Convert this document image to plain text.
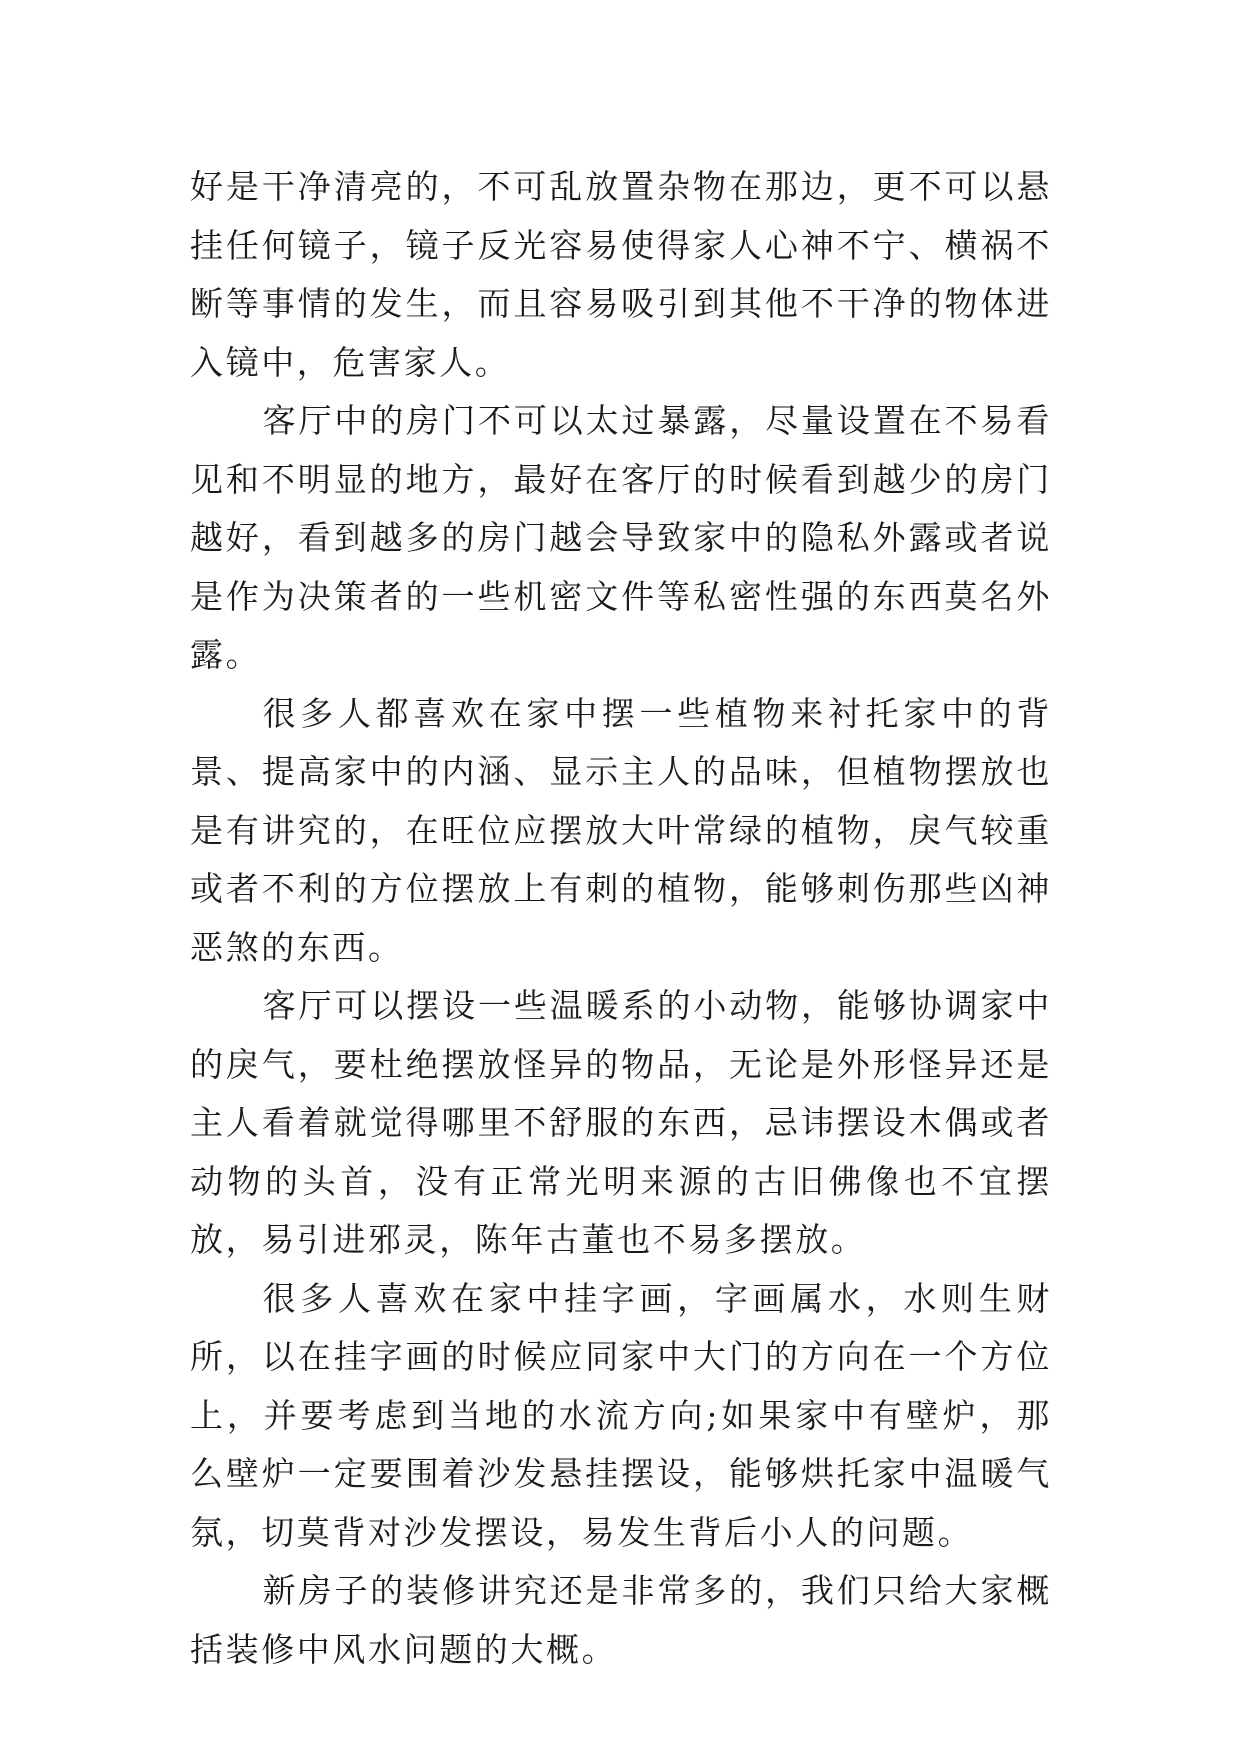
好是干净清亮的，不可乱放置杂物在那边，更不可以悬挂任何镜子，镜子反光容易使得家人心神不宁、横祸不断等事情的发生，而且容易吸引到其他不干净的物体进入镜中，危害家人。

客厅中的房门不可以太过暴露，尽量设置在不易看见和不明显的地方，最好在客厅的时候看到越少的房门越好，看到越多的房门越会导致家中的隐私外露或者说是作为决策者的一些机密文件等私密性强的东西莫名外露。

很多人都喜欢在家中摆一些植物来衬托家中的背景、提高家中的内涵、显示主人的品味，但植物摆放也是有讲究的，在旺位应摆放大叶常绿的植物，戾气较重或者不利的方位摆放上有刺的植物，能够刺伤那些凶神恶煞的东西。

客厅可以摆设一些温暖系的小动物，能够协调家中的戾气，要杜绝摆放怪异的物品，无论是外形怪异还是主人看着就觉得哪里不舒服的东西，忌讳摆设木偶或者动物的头首，没有正常光明来源的古旧佛像也不宜摆放，易引进邪灵，陈年古董也不易多摆放。

很多人喜欢在家中挂字画，字画属水，水则生财所，以在挂字画的时候应同家中大门的方向在一个方位上，并要考虑到当地的水流方向;如果家中有壁炉，那么壁炉一定要围着沙发悬挂摆设，能够烘托家中温暖气氛，切莫背对沙发摆设，易发生背后小人的问题。

新房子的装修讲究还是非常多的，我们只给大家概括装修中风水问题的大概。
